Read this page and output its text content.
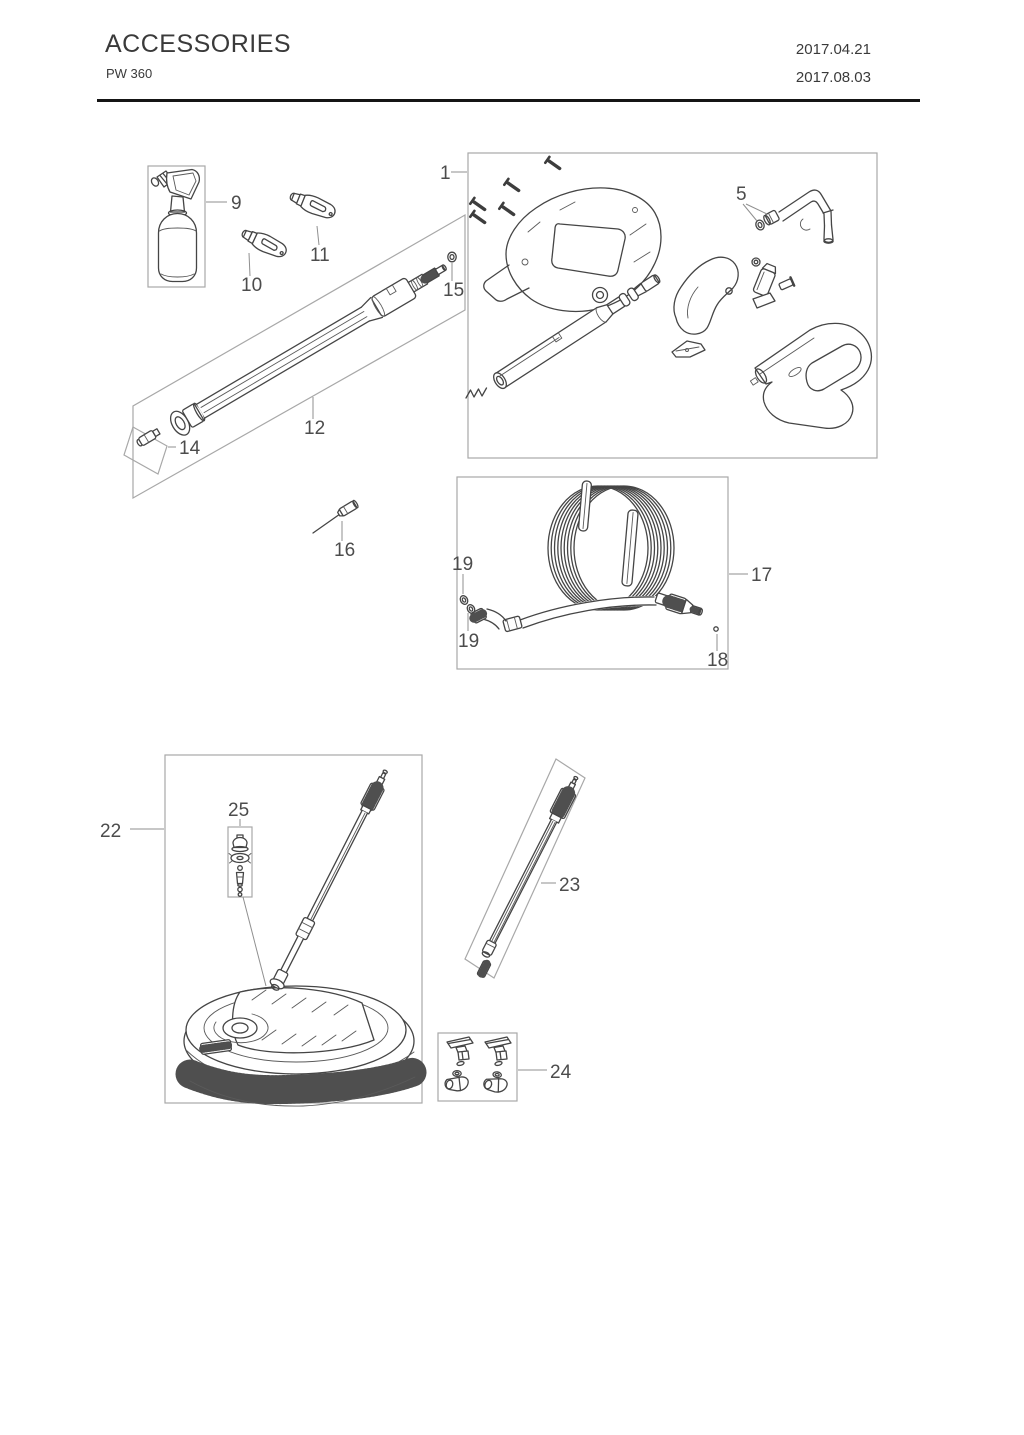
ACCESSORIES
PW 360
2017.04.21
2017.08.03
9
10
11
12
14
15
1
5
16
19
19
17
18
22
25
23
24
